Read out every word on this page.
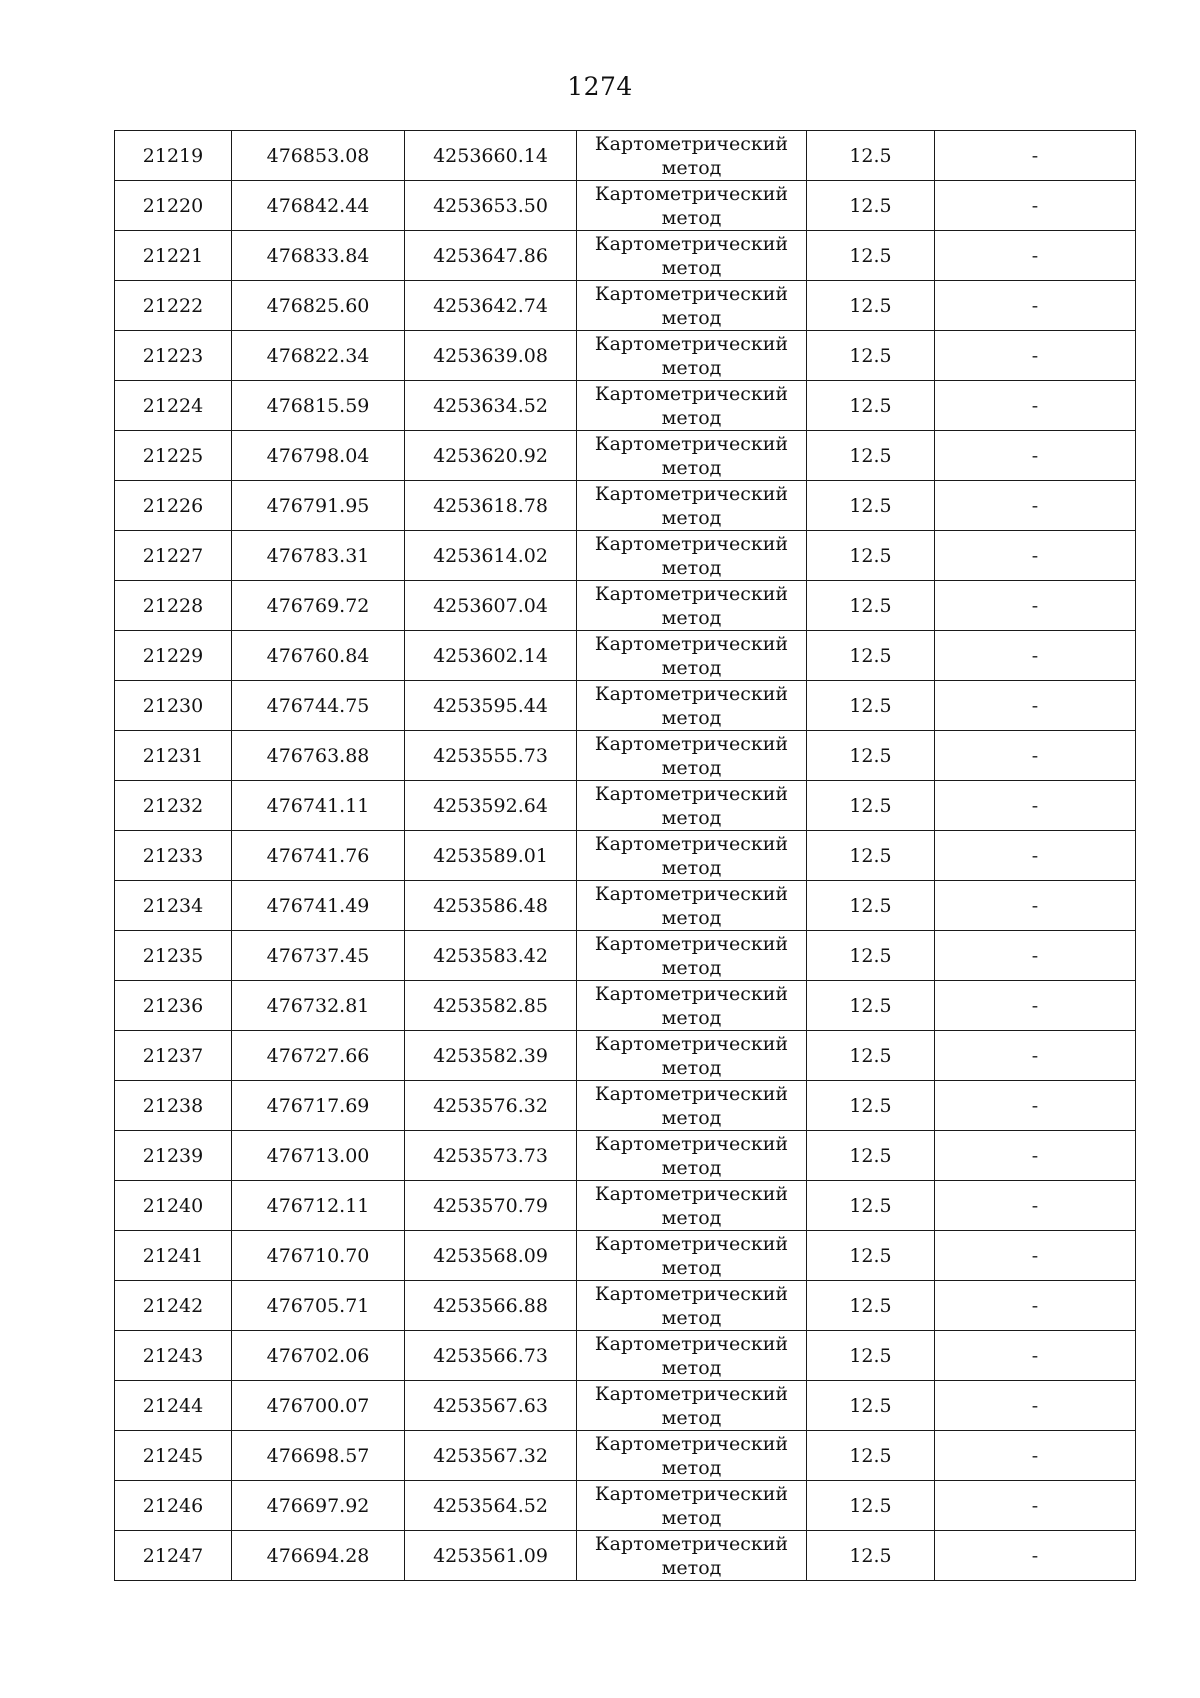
1274
21219	476853.08	4253660.14	Картометрический
метод	12.5	-
21220	476842.44	4253653.50	Картометрический
метод	12.5	-
21221	476833.84	4253647.86	Картометрический
метод	12.5	-
21222	476825.60	4253642.74	Картометрический
метод	12.5	-
21223	476822.34	4253639.08	Картометрический
метод	12.5	-
21224	476815.59	4253634.52	Картометрический
метод	12.5	-
21225	476798.04	4253620.92	Картометрический
метод	12.5	-
21226	476791.95	4253618.78	Картометрический
метод	12.5	-
21227	476783.31	4253614.02	Картометрический
метод	12.5	-
21228	476769.72	4253607.04	Картометрический
метод	12.5	-
21229	476760.84	4253602.14	Картометрический
метод	12.5	-
21230	476744.75	4253595.44	Картометрический
метод	12.5	-
21231	476763.88	4253555.73	Картометрический
метод	12.5	-
21232	476741.11	4253592.64	Картометрический
метод	12.5	-
21233	476741.76	4253589.01	Картометрический
метод	12.5	-
21234	476741.49	4253586.48	Картометрический
метод	12.5	-
21235	476737.45	4253583.42	Картометрический
метод	12.5	-
21236	476732.81	4253582.85	Картометрический
метод	12.5	-
21237	476727.66	4253582.39	Картометрический
метод	12.5	-
21238	476717.69	4253576.32	Картометрический
метод	12.5	-
21239	476713.00	4253573.73	Картометрический
метод	12.5	-
21240	476712.11	4253570.79	Картометрический
метод	12.5	-
21241	476710.70	4253568.09	Картометрический
метод	12.5	-
21242	476705.71	4253566.88	Картометрический
метод	12.5	-
21243	476702.06	4253566.73	Картометрический
метод	12.5	-
21244	476700.07	4253567.63	Картометрический
метод	12.5	-
21245	476698.57	4253567.32	Картометрический
метод	12.5	-
21246	476697.92	4253564.52	Картометрический
метод	12.5	-
21247	476694.28	4253561.09	Картометрический
метод	12.5	-
